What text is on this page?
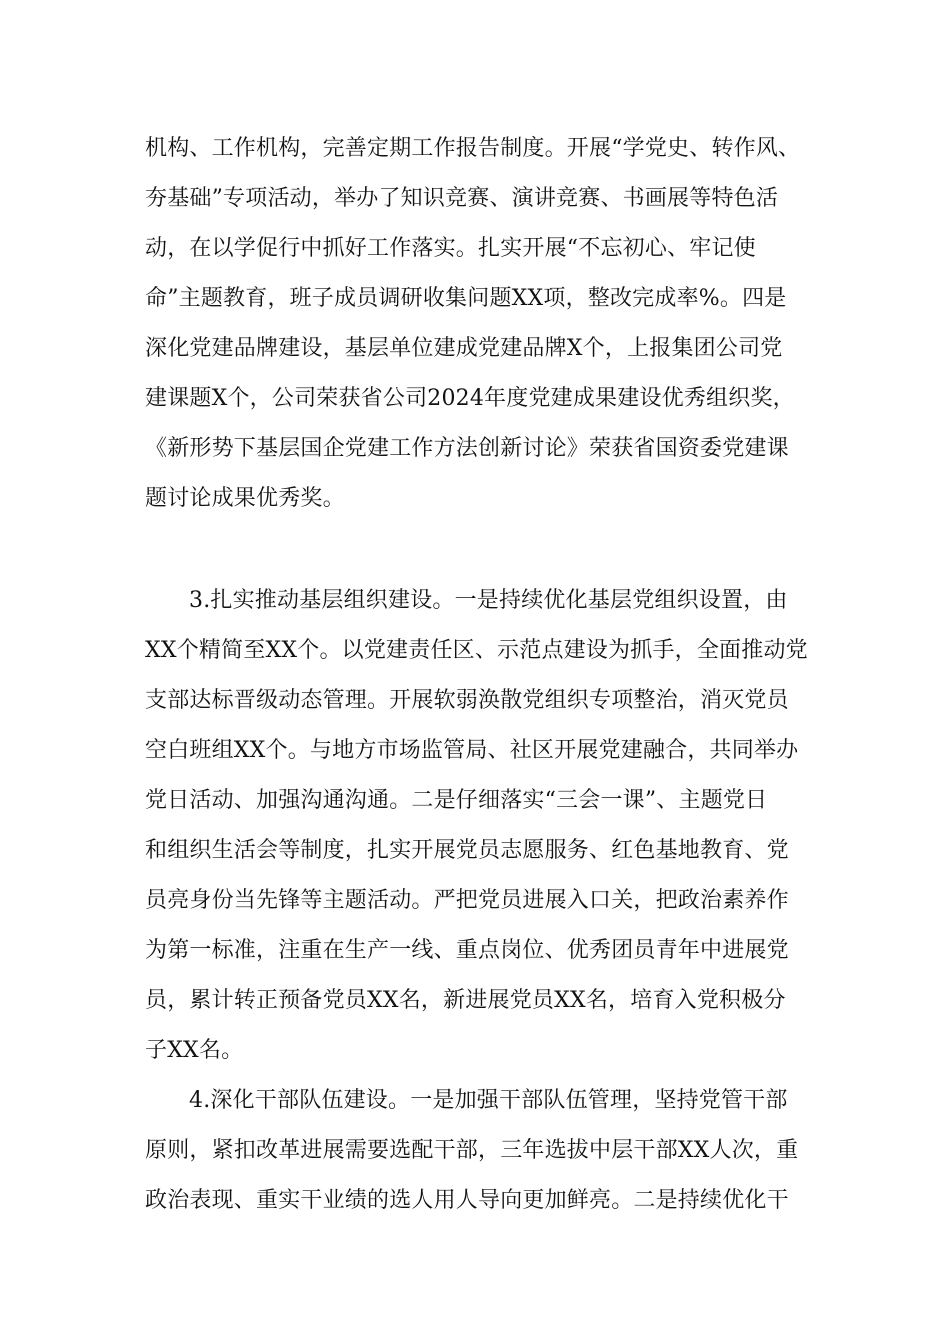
机构、工作机构，完善定期工作报告制度。开展“学党史、转作风、
夯基础”专项活动，举办了知识竞赛、演讲竞赛、书画展等特色活
动，在以学促行中抓好工作落实。扎实开展“不忘初心、牢记使
命”主题教育，班子成员调研收集问题XX项，整改完成率%。四是
深化党建品牌建设，基层单位建成党建品牌X个，上报集团公司党
建课题X个，公司荣获省公司2024年度党建成果建设优秀组织奖，
《新形势下基层国企党建工作方法创新讨论》荣获省国资委党建课
题讨论成果优秀奖。
3.扎实推动基层组织建设。一是持续优化基层党组织设置，由
XX个精简至XX个。以党建责任区、示范点建设为抓手，全面推动党
支部达标晋级动态管理。开展软弱涣散党组织专项整治，消灭党员
空白班组XX个。与地方市场监管局、社区开展党建融合，共同举办
党日活动、加强沟通沟通。二是仔细落实“三会一课”、主题党日
和组织生活会等制度，扎实开展党员志愿服务、红色基地教育、党
员亮身份当先锋等主题活动。严把党员进展入口关，把政治素养作
为第一标准，注重在生产一线、重点岗位、优秀团员青年中进展党
员，累计转正预备党员XX名，新进展党员XX名，培育入党积极分
子XX名。
4.深化干部队伍建设。一是加强干部队伍管理，坚持党管干部
原则，紧扣改革进展需要选配干部，三年选拔中层干部XX人次，重
政治表现、重实干业绩的选人用人导向更加鲜亮。二是持续优化干
